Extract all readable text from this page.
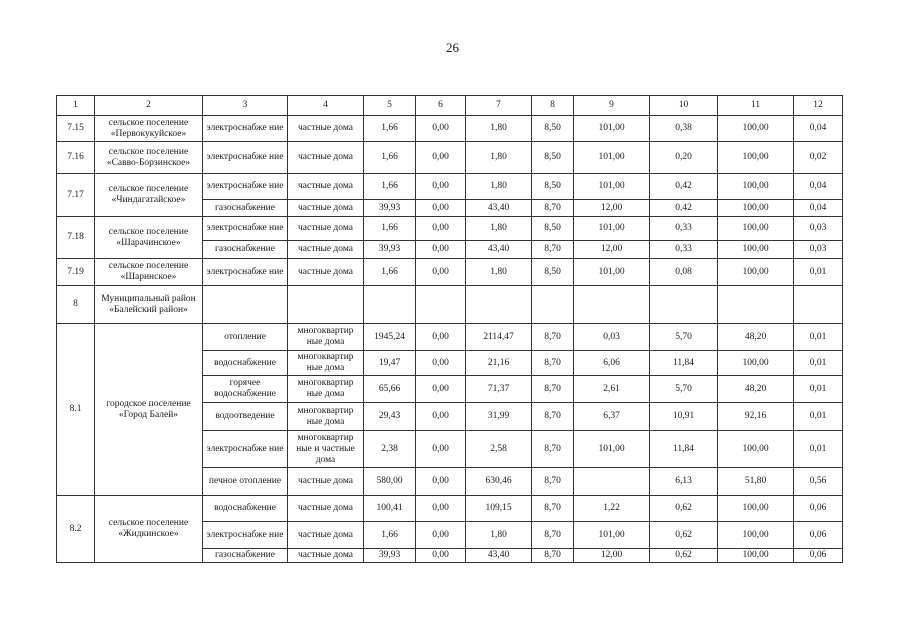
26
1	2	3	4	5	6	7	8	9	10	11	12
7.15	сельское поселение «Первокукуйское»	электроснабже ние	частные дома	1,66	0,00	1,80	8,50	101,00	0,38	100,00	0,04
7.16	сельское поселение «Савво-Борзинское»	электроснабже ние	частные дома	1,66	0,00	1,80	8,50	101,00	0,20	100,00	0,02
7.17	сельское поселение «Чиндагатайское»	электроснабже ние	частные дома	1,66	0,00	1,80	8,50	101,00	0,42	100,00	0,04
		газоснабжение	частные дома	39,93	0,00	43,40	8,70	12,00	0,42	100,00	0,04
7.18	сельское поселение «Шарачинское»	электроснабже ние	частные дома	1,66	0,00	1,80	8,50	101,00	0,33	100,00	0,03
		газоснабжение	частные дома	39,93	0,00	43,40	8,70	12,00	0,33	100,00	0,03
7.19	сельское поселение «Шаринское»	электроснабже ние	частные дома	1,66	0,00	1,80	8,50	101,00	0,08	100,00	0,01
8	Муниципальный район «Балейский район»										
8.1	городское поселение «Город Балей»	отопление	многоквартир ные дома	1945,24	0,00	2114,47	8,70	0,03	5,70	48,20	0,01
		водоснабжение	многоквартир ные дома	19,47	0,00	21,16	8,70	6,06	11,84	100,00	0,01
		горячее водоснабжение	многоквартир ные дома	65,66	0,00	71,37	8,70	2,61	5,70	48,20	0,01
		водоотведение	многоквартир ные дома	29,43	0,00	31,99	8,70	6,37	10,91	92,16	0,01
		электроснабже ние	многоквартир ные и частные дома	2,38	0,00	2,58	8,70	101,00	11,84	100,00	0,01
		печное отопление	частные дома	580,00	0,00	630,46	8,70		6,13	51,80	0,56
8.2	сельское поселение «Жидкинское»	водоснабжение	частные дома	100,41	0,00	109,15	8,70	1,22	0,62	100,00	0,06
		электроснабже ние	частные дома	1,66	0,00	1,80	8,70	101,00	0,62	100,00	0,06
		газоснабжение	частные дома	39,93	0,00	43,40	8,70	12,00	0,62	100,00	0,06
